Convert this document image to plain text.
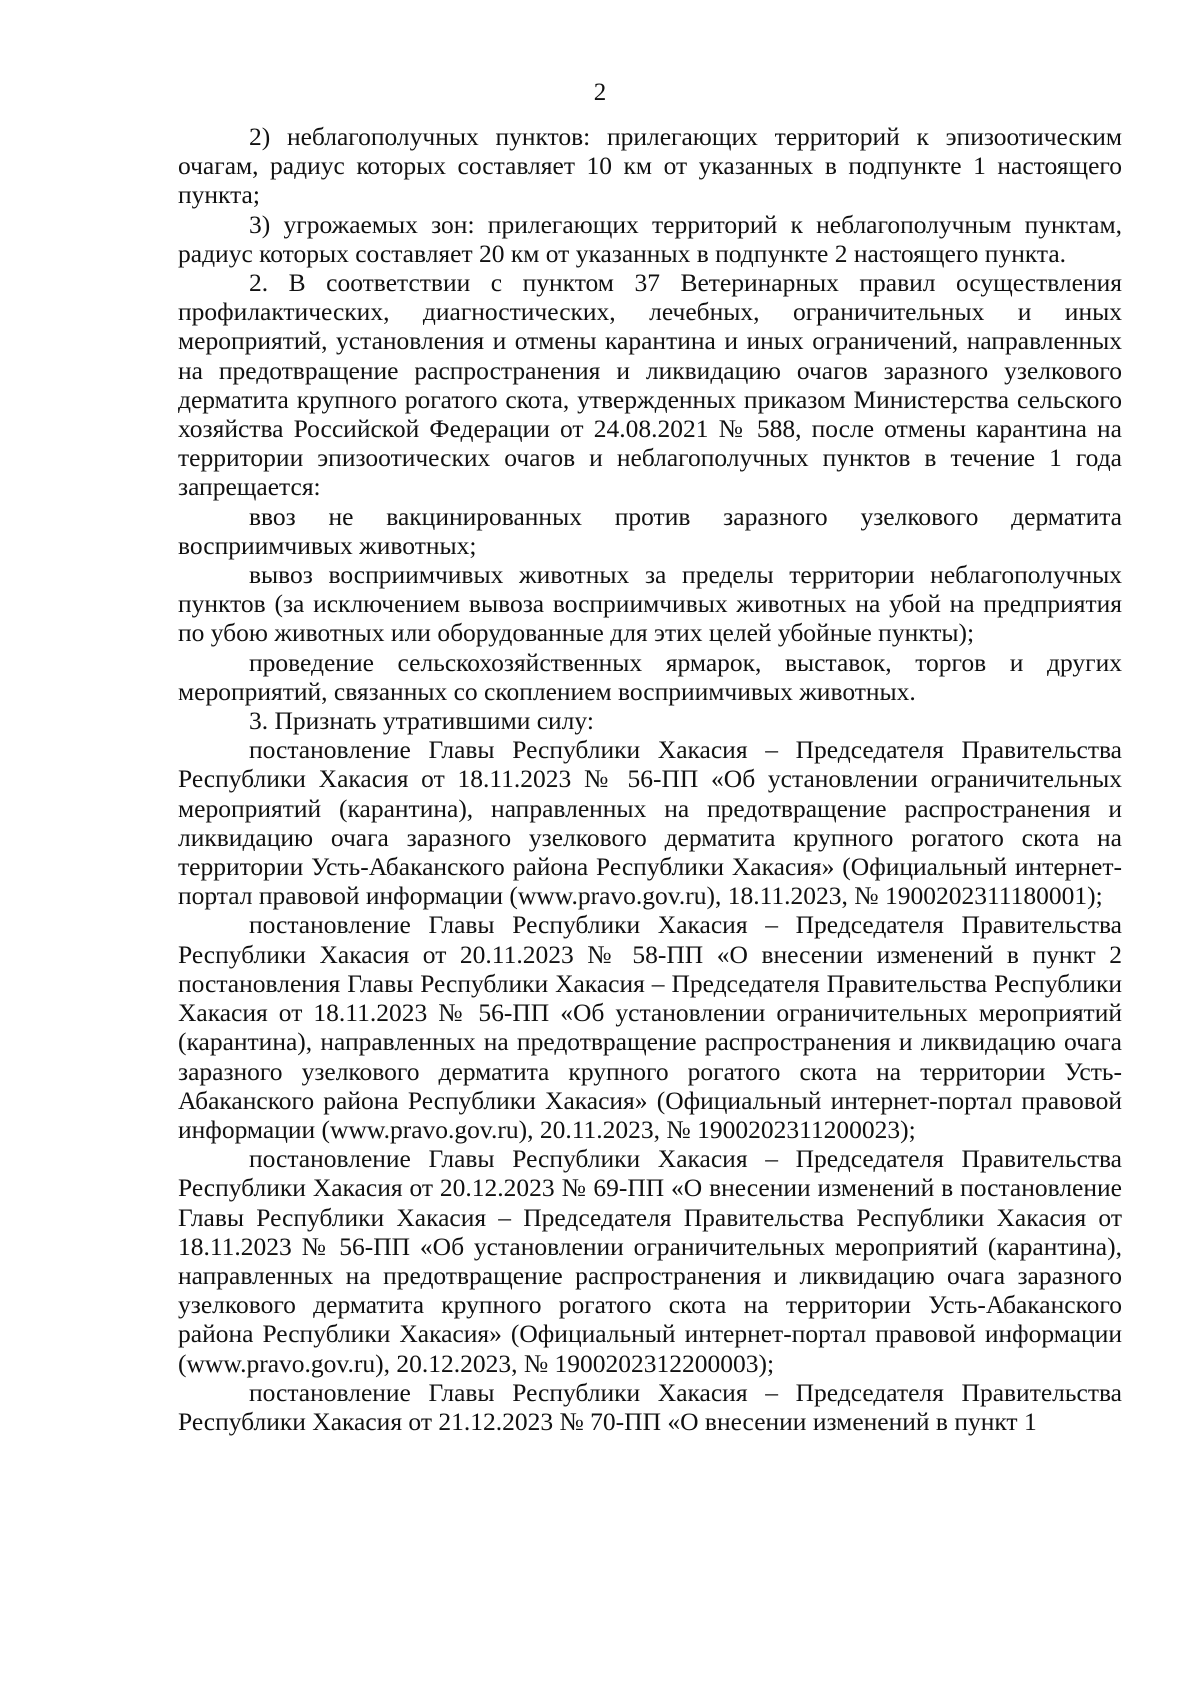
2

2) неблагополучных пунктов: прилегающих территорий к эпизоотическим очагам, радиус которых составляет 10 км от указанных в подпункте 1 настоящего пункта;

3) угрожаемых зон: прилегающих территорий к неблагополучным пунктам, радиус которых составляет 20 км от указанных в подпункте 2 настоящего пункта.

2. В соответствии с пунктом 37 Ветеринарных правил осуществления профилактических, диагностических, лечебных, ограничительных и иных мероприятий, установления и отмены карантина и иных ограничений, направленных на предотвращение распространения и ликвидацию очагов заразного узелкового дерматита крупного рогатого скота, утвержденных приказом Министерства сельского хозяйства Российской Федерации от 24.08.2021 № 588, после отмены карантина на территории эпизоотических очагов и неблагополучных пунктов в течение 1 года запрещается:

ввоз не вакцинированных против заразного узелкового дерматита восприимчивых животных;

вывоз восприимчивых животных за пределы территории неблагополучных пунктов (за исключением вывоза восприимчивых животных на убой на предприятия по убою животных или оборудованные для этих целей убойные пункты);

проведение сельскохозяйственных ярмарок, выставок, торгов и других мероприятий, связанных со скоплением восприимчивых животных.

3. Признать утратившими силу:

постановление Главы Республики Хакасия – Председателя Правительства Республики Хакасия от 18.11.2023 № 56-ПП «Об установлении ограничительных мероприятий (карантина), направленных на предотвращение распространения и ликвидацию очага заразного узелкового дерматита крупного рогатого скота на территории Усть-Абаканского района Республики Хакасия» (Официальный интернет-портал правовой информации (www.pravo.gov.ru), 18.11.2023, № 1900202311180001);

постановление Главы Республики Хакасия – Председателя Правительства Республики Хакасия от 20.11.2023 № 58-ПП «О внесении изменений в пункт 2 постановления Главы Республики Хакасия – Председателя Правительства Республики Хакасия от 18.11.2023 № 56-ПП «Об установлении ограничительных мероприятий (карантина), направленных на предотвращение распространения и ликвидацию очага заразного узелкового дерматита крупного рогатого скота на территории Усть-Абаканского района Республики Хакасия» (Официальный интернет-портал правовой информации (www.pravo.gov.ru), 20.11.2023, № 1900202311200023);

постановление Главы Республики Хакасия – Председателя Правительства Республики Хакасия от 20.12.2023 № 69-ПП «О внесении изменений в постановление Главы Республики Хакасия – Председателя Правительства Республики Хакасия от 18.11.2023 № 56-ПП «Об установлении ограничительных мероприятий (карантина), направленных на предотвращение распространения и ликвидацию очага заразного узелкового дерматита крупного рогатого скота на территории Усть-Абаканского района Республики Хакасия» (Официальный интернет-портал правовой информации (www.pravo.gov.ru), 20.12.2023, № 1900202312200003);

постановление Главы Республики Хакасия – Председателя Правительства Республики Хакасия от 21.12.2023 № 70-ПП «О внесении изменений в пункт 1
